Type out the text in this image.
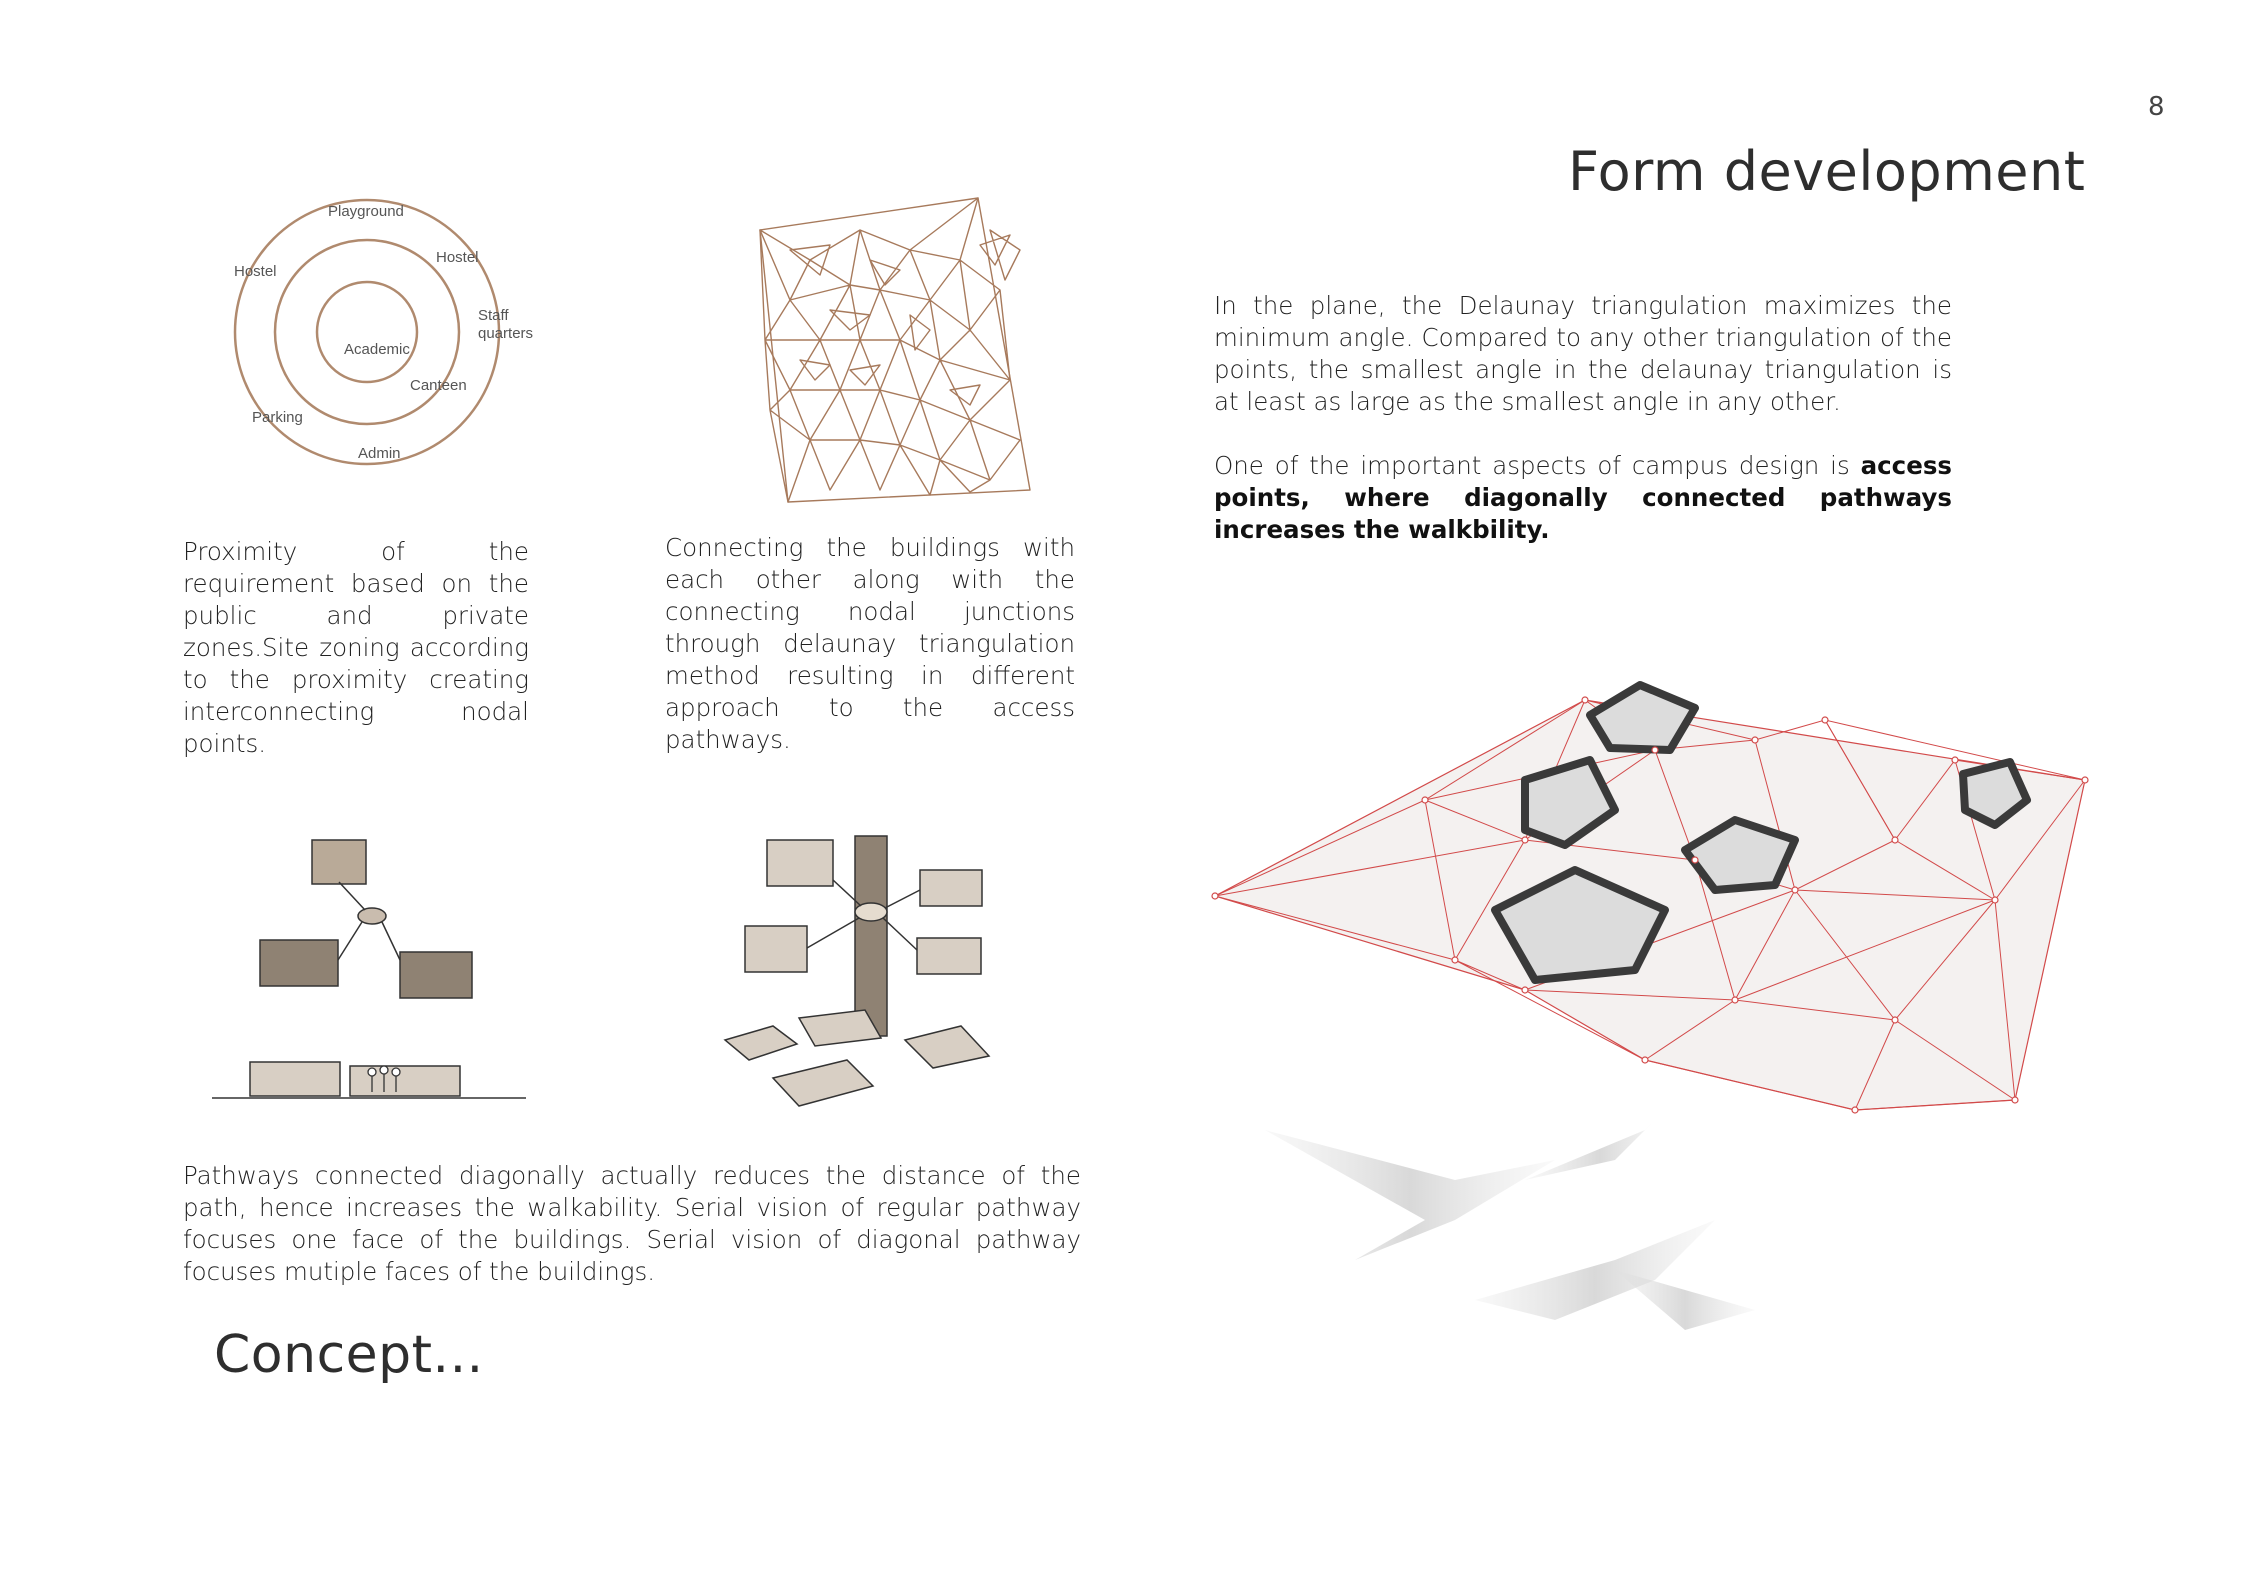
8
Form development
Concept...
Playground
Hostel
Hostel
Staff
quarters
Academic
Canteen
Parking
Admin
Proximity of the requirement based on the public and private zones.Site zoning according to the proximity creating interconnecting nodal points.
Connecting the buildings with each other along with the connecting nodal junctions through delaunay triangulation method resulting in different approach to the access pathways.
Pathways connected diagonally actually reduces the distance of the path, hence increases the walkability. Serial vision of regular pathway focuses one face of the buildings. Serial vision of diagonal pathway focuses mutiple faces of the buildings.
In the plane, the Delaunay triangulation maximizes the minimum angle. Compared to any other triangulation of the points, the smallest angle in the delaunay triangulation is at least as large as the smallest angle in any other.
One of the important aspects of campus design is access points, where diagonally connected pathways increases the walkbility.
